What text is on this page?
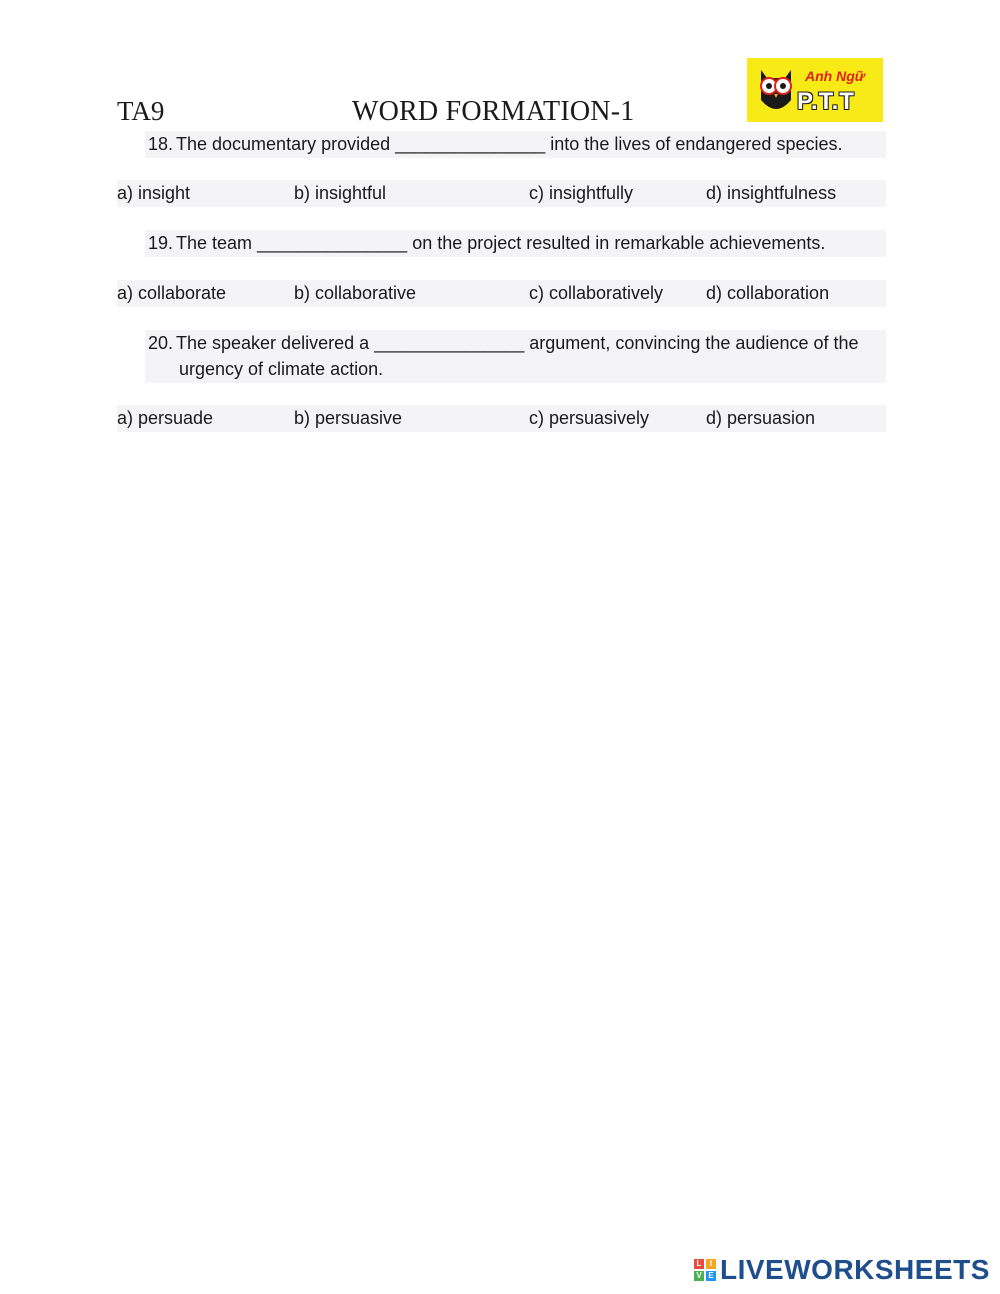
TA9	WORD FORMATION-1
Anh Ngữ
P.T.T
18. The documentary provided _______________ into the lives of endangered species.
a) insight	b) insightful	c) insightfully	d) insightfulness
19. The team _______________ on the project resulted in remarkable achievements.
a) collaborate	b) collaborative	c) collaboratively d) collaboration
20. The speaker delivered a _______________ argument, convincing the audience of the
urgency of climate action.
a) persuade	b) persuasive	c) persuasively	d) persuasion
L	I
V E LIVEWORKSHEETS
